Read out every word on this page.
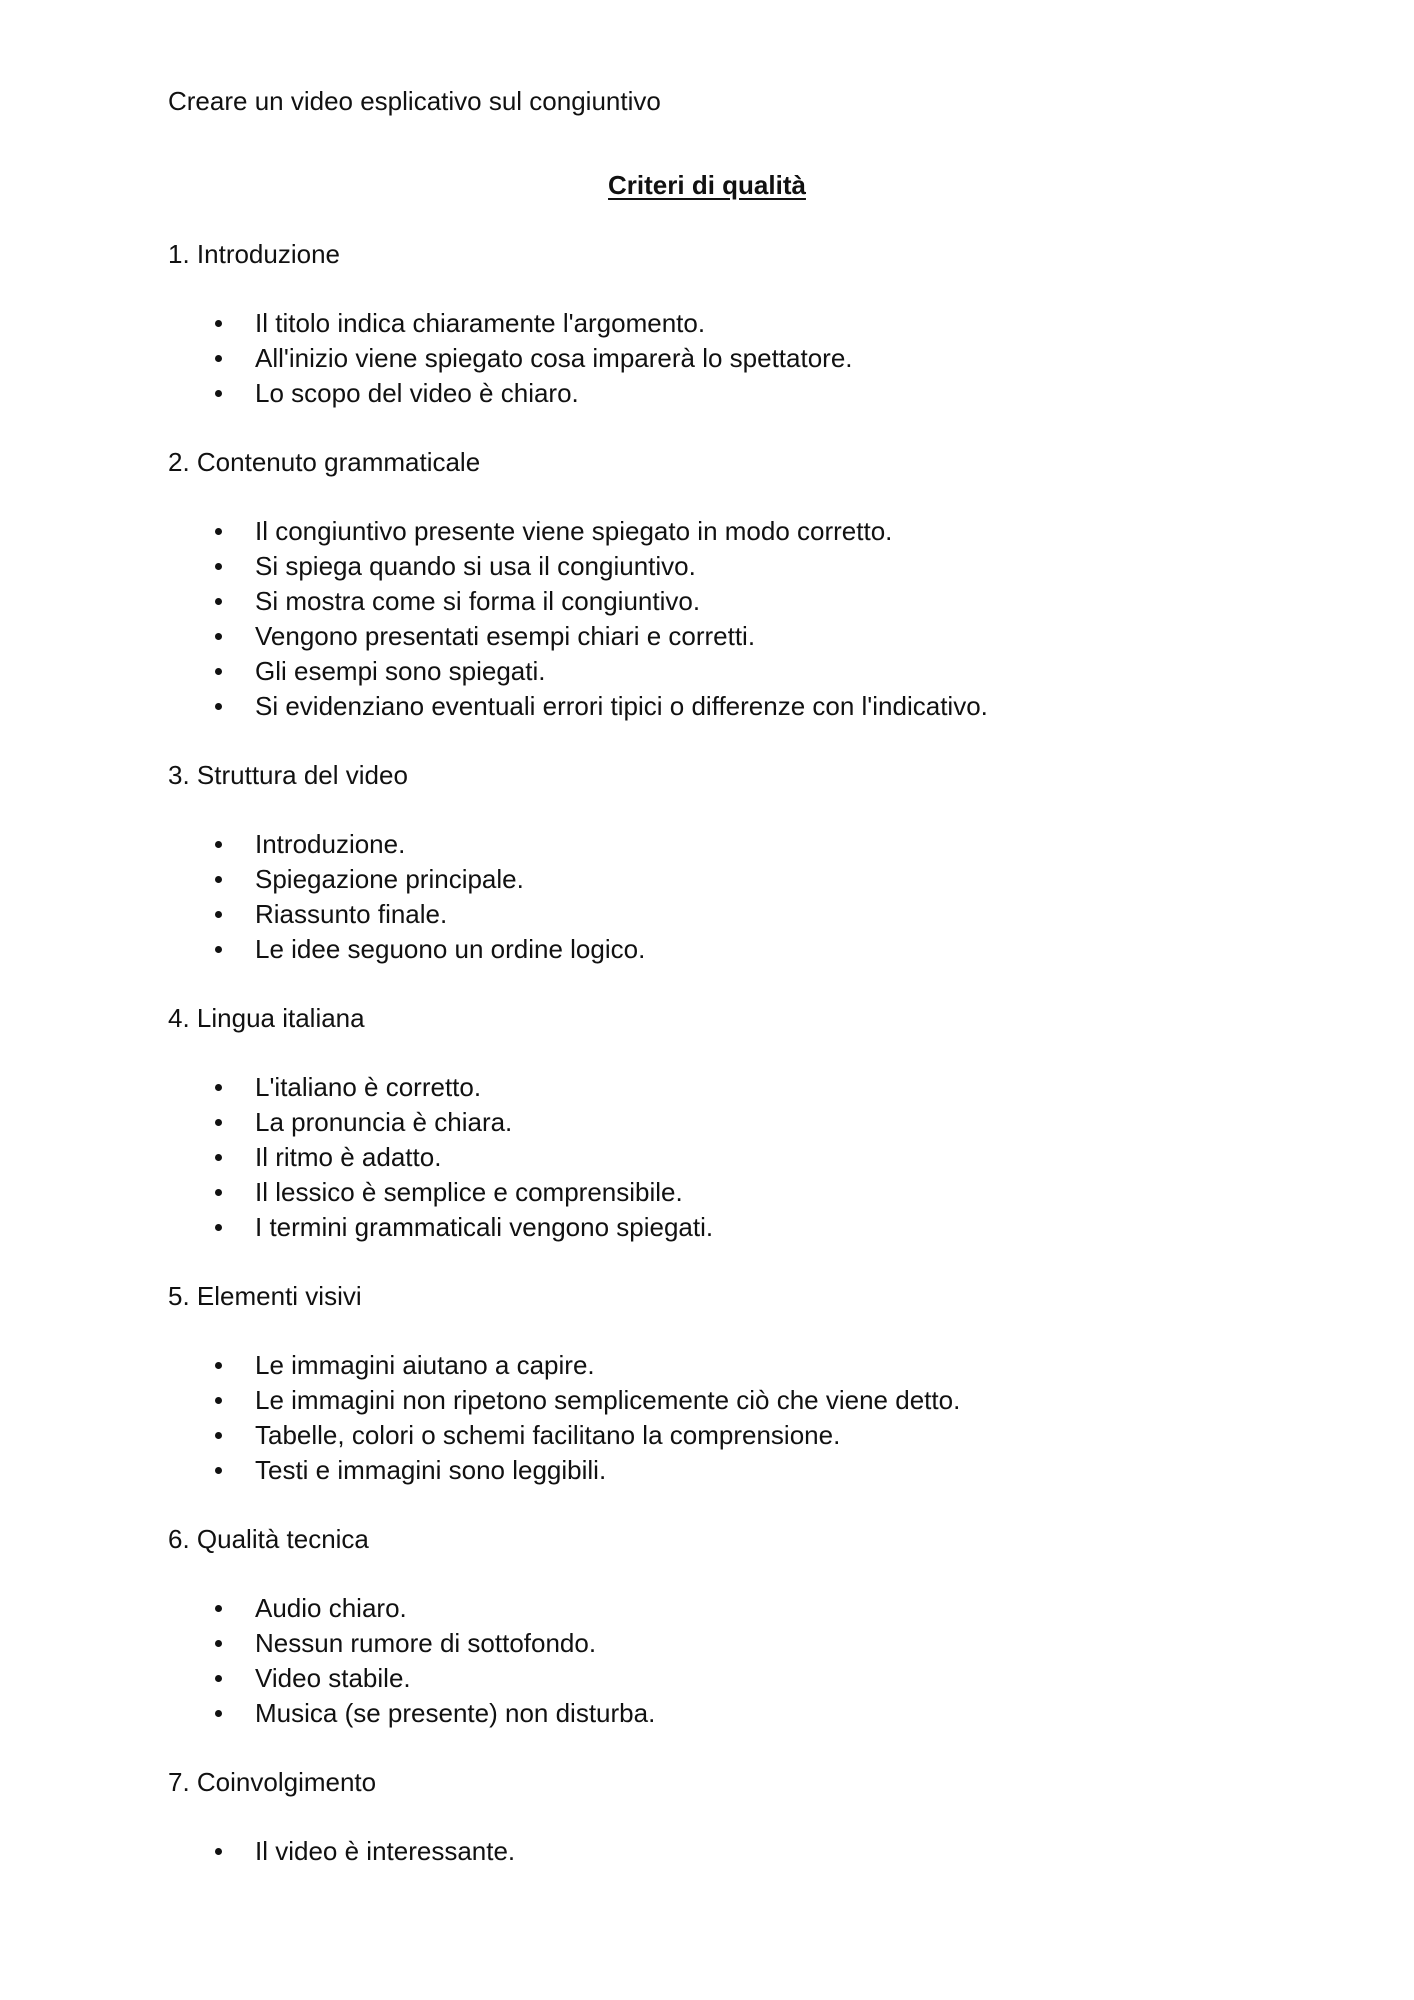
Creare un video esplicativo sul congiuntivo

Criteri di qualità

1. Introduzione

Il titolo indica chiaramente l'argomento.
All'inizio viene spiegato cosa imparerà lo spettatore.
Lo scopo del video è chiaro.

2. Contenuto grammaticale

Il congiuntivo presente viene spiegato in modo corretto.
Si spiega quando si usa il congiuntivo.
Si mostra come si forma il congiuntivo.
Vengono presentati esempi chiari e corretti.
Gli esempi sono spiegati.
Si evidenziano eventuali errori tipici o differenze con l'indicativo.

3. Struttura del video

Introduzione.
Spiegazione principale.
Riassunto finale.
Le idee seguono un ordine logico.

4. Lingua italiana

L'italiano è corretto.
La pronuncia è chiara.
Il ritmo è adatto.
Il lessico è semplice e comprensibile.
I termini grammaticali vengono spiegati.

5. Elementi visivi

Le immagini aiutano a capire.
Le immagini non ripetono semplicemente ciò che viene detto.
Tabelle, colori o schemi facilitano la comprensione.
Testi e immagini sono leggibili.

6. Qualità tecnica

Audio chiaro.
Nessun rumore di sottofondo.
Video stabile.
Musica (se presente) non disturba.

7. Coinvolgimento

Il video è interessante.
